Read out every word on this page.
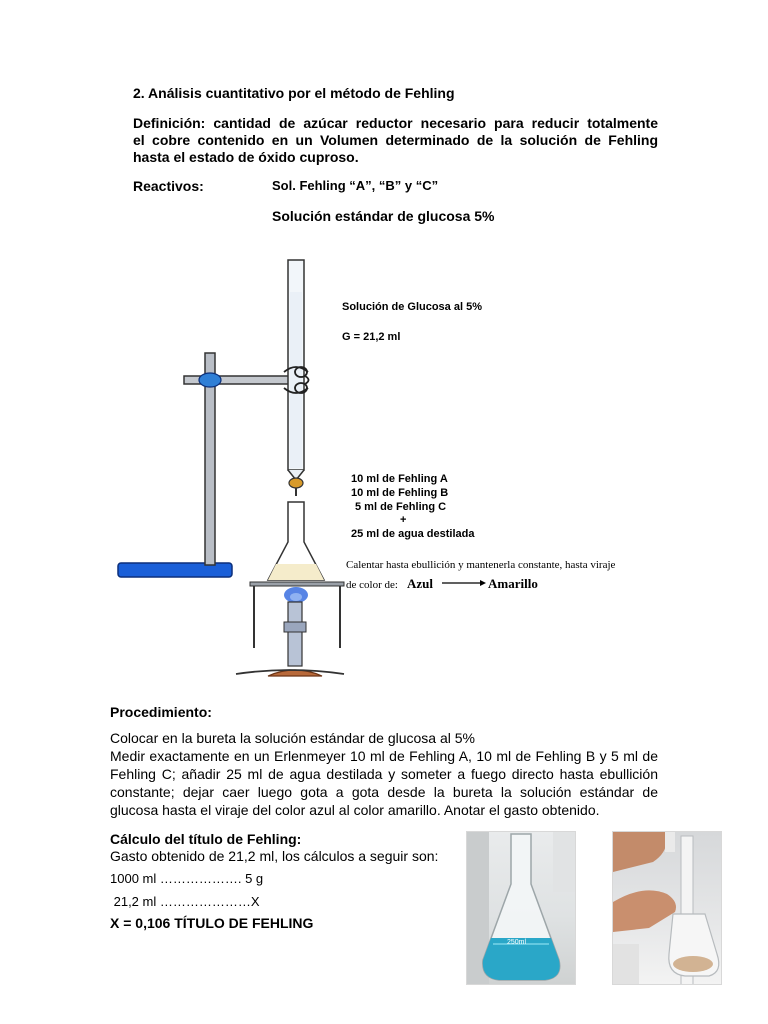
2. Análisis cuantitativo por el método de Fehling
Definición: cantidad de azúcar reductor necesario para reducir totalmente
el cobre contenido en un Volumen determinado de la solución de Fehling
hasta el estado de óxido cuproso.
Reactivos:	Sol. Fehling “A”, “B” y “C”
Solución estándar de glucosa 5%
Solución de Glucosa al 5%
G = 21,2 ml
10 ml de Fehling A
10 ml de Fehling B
5 ml de Fehling C
+
25 ml de agua destilada
Calentar hasta ebullición y mantenerla constante, hasta viraje
de color de: Azul	Amarillo
Procedimiento:
Colocar en la bureta la solución estándar de glucosa al 5%
Medir exactamente en un Erlenmeyer 10 ml de Fehling A, 10 ml de Fehling B y 5 ml de
Fehling C; añadir 25 ml de agua destilada y someter a fuego directo hasta ebullición
constante; dejar caer luego gota a gota desde la bureta la solución estándar de
glucosa hasta el viraje del color azul al color amarillo. Anotar el gasto obtenido.
Cálculo del título de Fehling:
Gasto obtenido de 21,2 ml, los cálculos a seguir son:
1000 ml ………………. 5 g
21,2 ml …………………X
X = 0,106 TÍTULO DE FEHLING
250ml
